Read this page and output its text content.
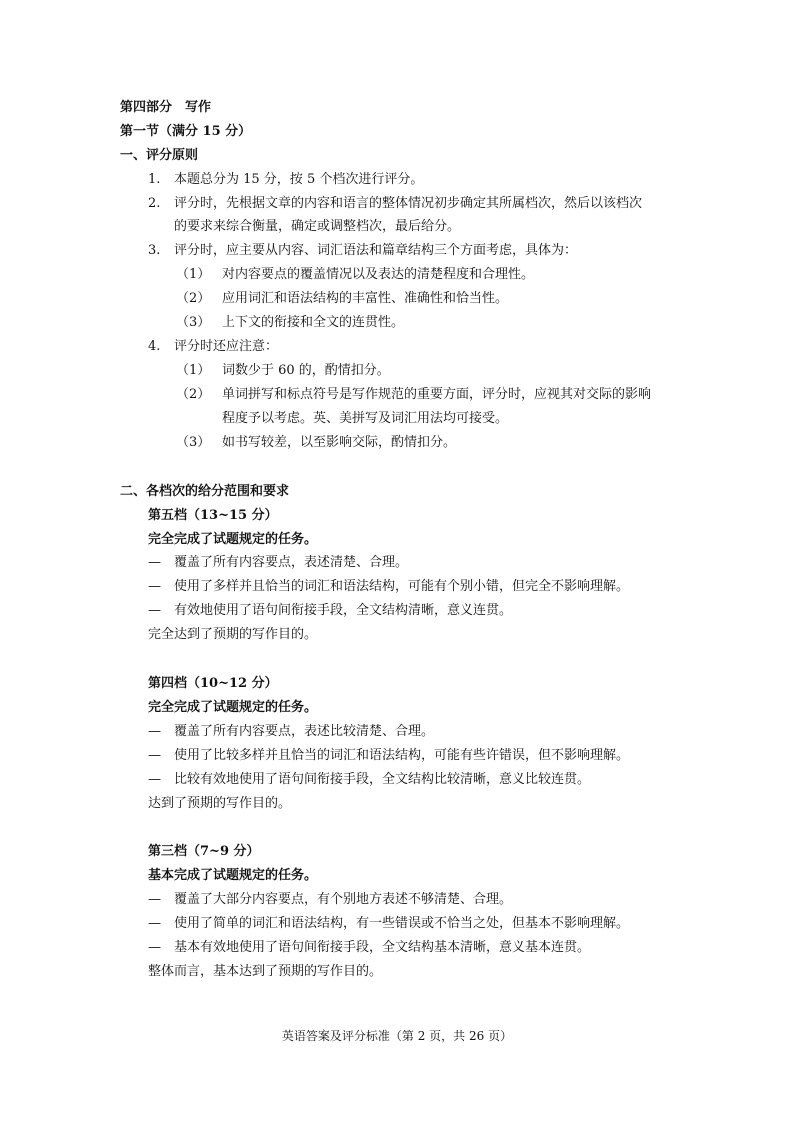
第四部分　写作
第一节（满分 15 分）
一、评分原则
1. 本题总分为 15 分，按 5 个档次进行评分。
2. 评分时，先根据文章的内容和语言的整体情况初步确定其所属档次，然后以该档次
的要求来综合衡量，确定或调整档次，最后给分。
3. 评分时，应主要从内容、词汇语法和篇章结构三个方面考虑，具体为：
（1） 对内容要点的覆盖情况以及表达的清楚程度和合理性。
（2） 应用词汇和语法结构的丰富性、准确性和恰当性。
（3） 上下文的衔接和全文的连贯性。
4. 评分时还应注意：
（1） 词数少于 60 的，酌情扣分。
（2） 单词拼写和标点符号是写作规范的重要方面，评分时，应视其对交际的影响
程度予以考虑。英、美拼写及词汇用法均可接受。
（3） 如书写较差，以至影响交际，酌情扣分。
二、各档次的给分范围和要求
第五档（13~15 分）
完全完成了试题规定的任务。
—　覆盖了所有内容要点，表述清楚、合理。
—　使用了多样并且恰当的词汇和语法结构，可能有个别小错，但完全不影响理解。
—　有效地使用了语句间衔接手段，全文结构清晰，意义连贯。
完全达到了预期的写作目的。
第四档（10~12 分）
完全完成了试题规定的任务。
—　覆盖了所有内容要点，表述比较清楚、合理。
—　使用了比较多样并且恰当的词汇和语法结构，可能有些许错误，但不影响理解。
—　比较有效地使用了语句间衔接手段，全文结构比较清晰，意义比较连贯。
达到了预期的写作目的。
第三档（7~9 分）
基本完成了试题规定的任务。
—　覆盖了大部分内容要点，有个别地方表述不够清楚、合理。
—　使用了简单的词汇和语法结构，有一些错误或不恰当之处，但基本不影响理解。
—　基本有效地使用了语句间衔接手段，全文结构基本清晰，意义基本连贯。
整体而言，基本达到了预期的写作目的。
英语答案及评分标准（第 2 页，共 26 页）
